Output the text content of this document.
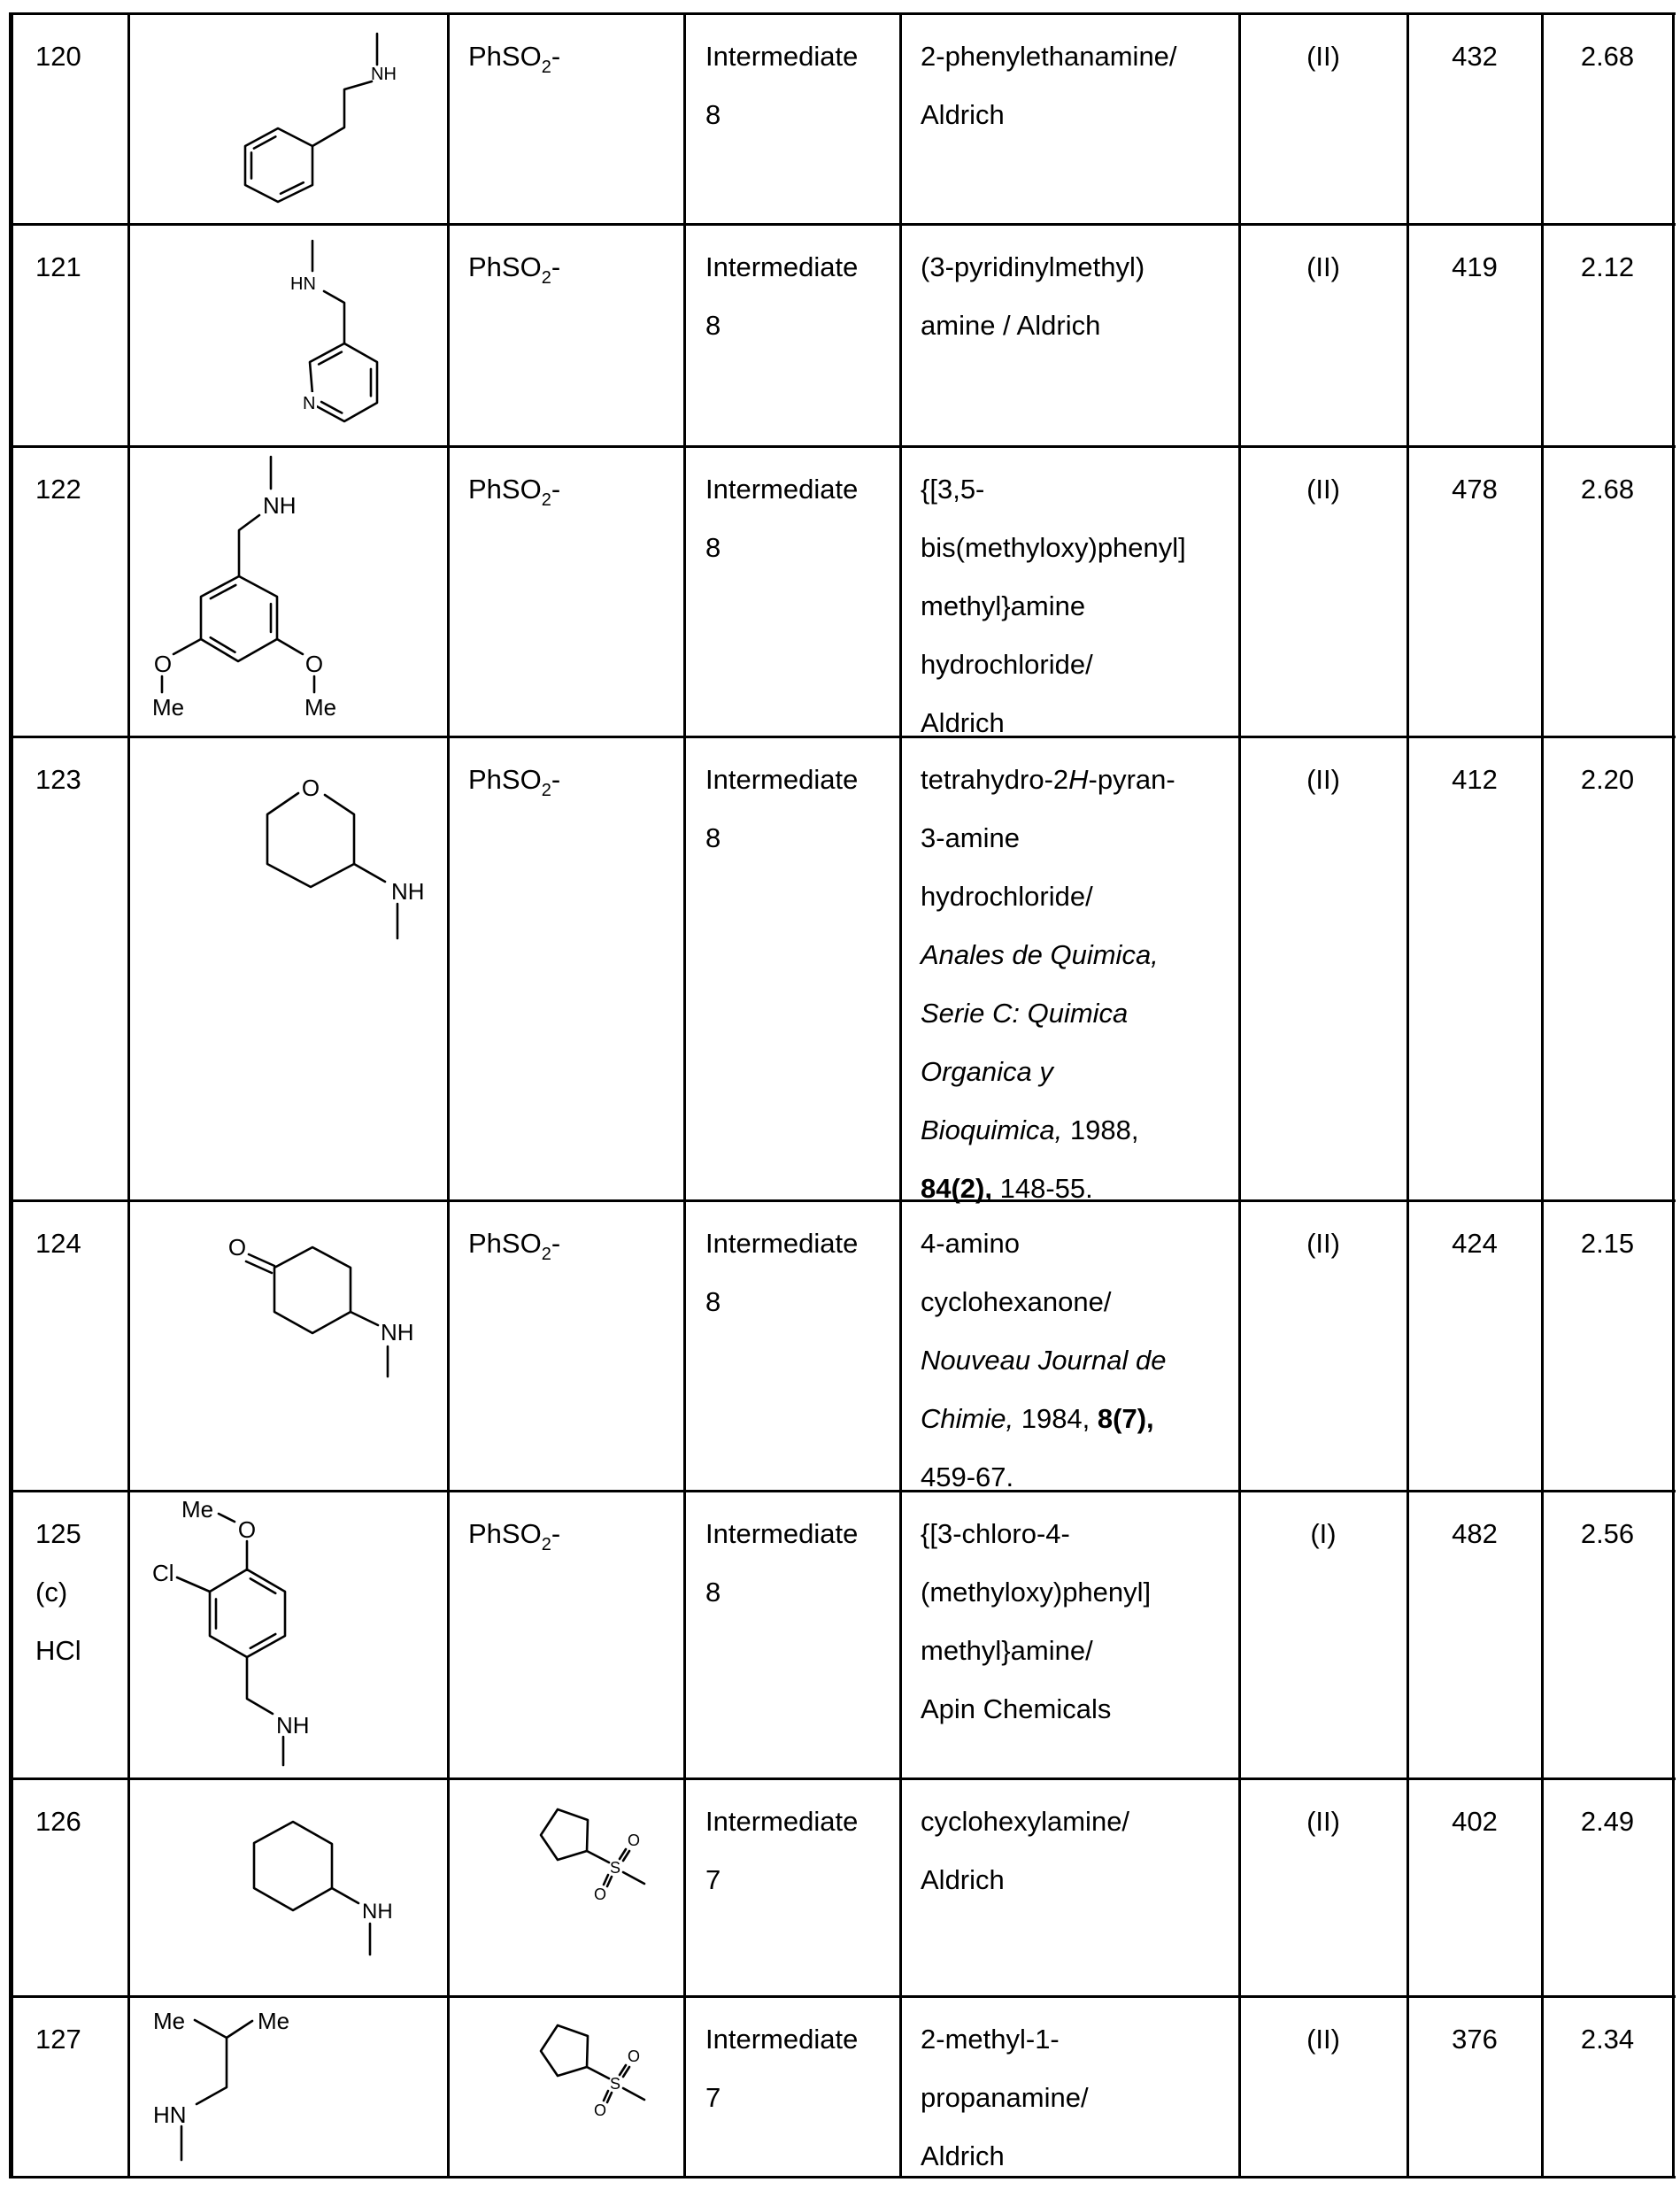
120	PhSO2-	Intermediate
8
2-phenylethanamine/
Aldrich
(II)	432	2.68
121	PhSO2-	Intermediate
8
(3-pyridinylmethyl)
amine / Aldrich
(II)	419	2.12
122	PhSO2-	Intermediate
8
{[3,5-
bis(methyloxy)phenyl]
methyl}amine
hydrochloride/
Aldrich
(II)	478	2.68
123	PhSO2-	Intermediate
8
tetrahydro-2H-pyran-
3-amine
hydrochloride/
Anales de Quimica,
Serie C: Quimica
Organica y
Bioquimica, 1988,
84(2), 148-55.
(II)	412	2.20
124	PhSO2-	Intermediate
8
4-amino
cyclohexanone/
Nouveau Journal de
Chimie, 1984, 8(7),
459-67.
(II)	424	2.15
125
(c)
HCl
PhSO2-	Intermediate
8
{[3-chloro-4-
(methyloxy)phenyl]
methyl}amine/
Apin Chemicals
(I)	482	2.56
126	Intermediate
7
cyclohexylamine/
Aldrich
(II)	402	2.49
127	Intermediate
7
2-methyl-1-
propanamine/
Aldrich
(II)	376	2.34
NH
HN
N
NH
O
Me
O
Me
O
NH
O
NH
Me
O
Cl
NH
NH
Me	Me
HN
S
O
O
S
O
O
